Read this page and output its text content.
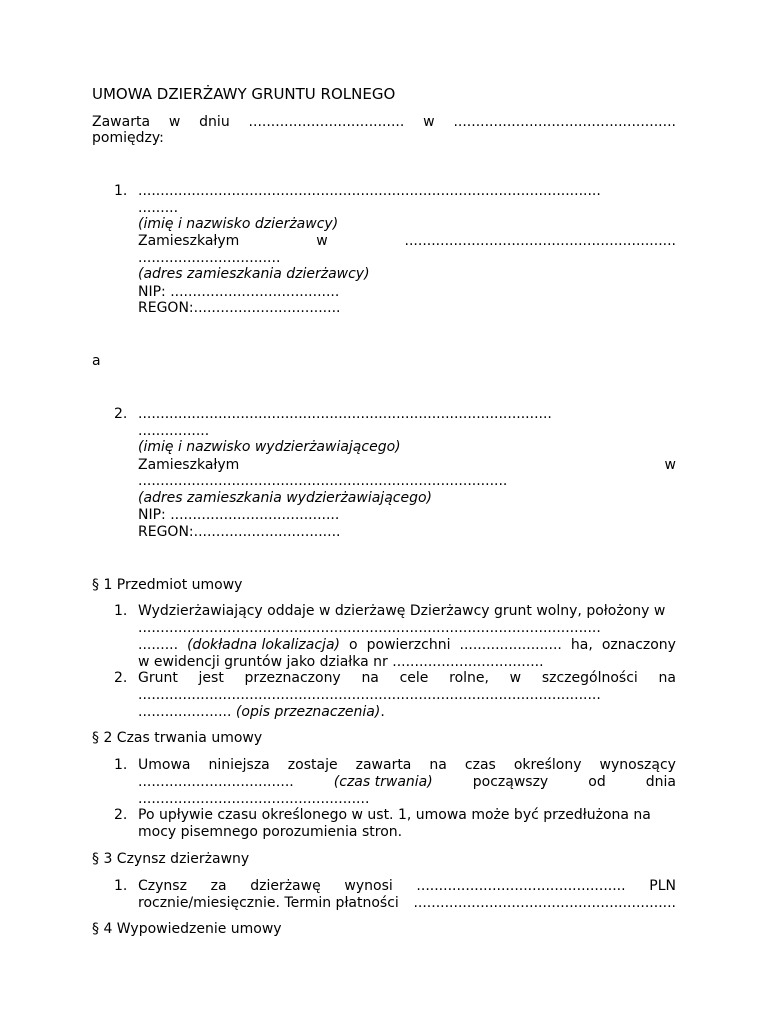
UMOWA DZIERŻAWY GRUNTU ROLNEGO
Zawarta w dniu ................................... w ..................................................
pomiędzy:
1. ........................................................................................................
.........
(imię i nazwisko dzierżawcy)
Zamieszkałym	w	.............................................................
................................
(adres zamieszkania dzierżawcy)
NIP: ......................................
REGON:.................................
a
2. .............................................................................................
................
(imię i nazwisko wydzierżawiającego)
Zamieszkałym	w
...................................................................................
(adres zamieszkania wydzierżawiającego)
NIP: ......................................
REGON:.................................
§ 1 Przedmiot umowy
1. Wydzierżawiający oddaje w dzierżawę Dzierżawcy grunt wolny, położony w
........................................................................................................
......... (dokładna lokalizacja) o powierzchni ....................... ha, oznaczony
w ewidencji gruntów jako działka nr ..................................
2. Grunt jest przeznaczony na cele rolne, w szczególności na
........................................................................................................
..................... (opis przeznaczenia).
§ 2 Czas trwania umowy
1. Umowa niniejsza zostaje zawarta na czas określony wynoszący
...................................	(czas trwania)	począwszy	od	dnia
....................................................
2. Po upływie czasu określonego w ust. 1, umowa może być przedłużona na
mocy pisemnego porozumienia stron.
§ 3 Czynsz dzierżawny
1. Czynsz za dzierżawę wynosi ............................................... PLN
rocznie/miesięcznie. Termin płatności ...........................................................
§ 4 Wypowiedzenie umowy
